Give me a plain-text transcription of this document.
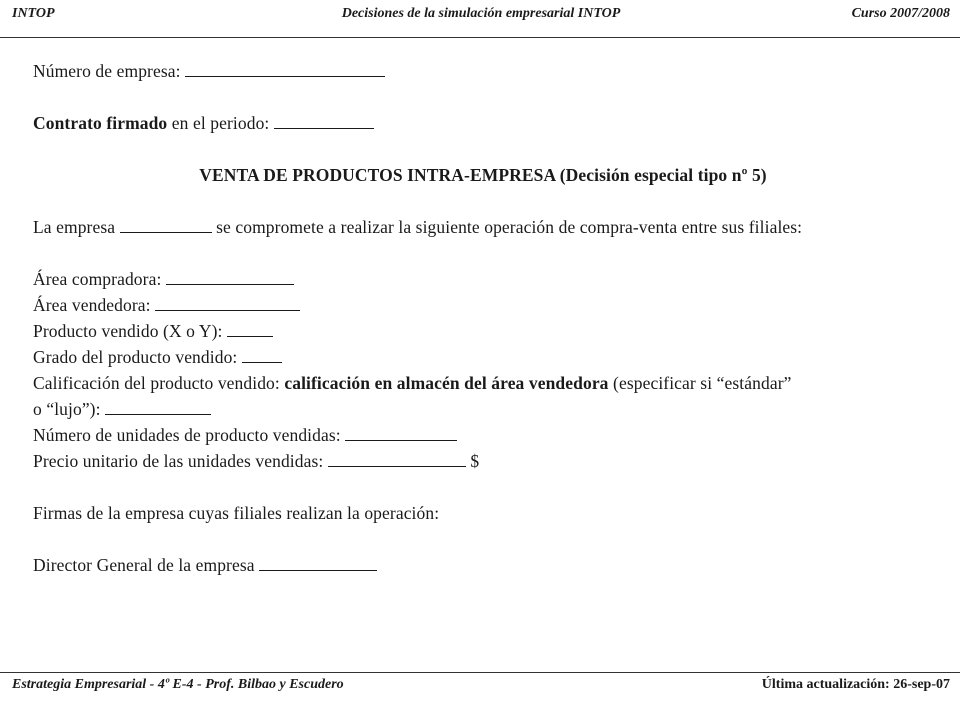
INTOP	Decisiones de la simulación empresarial INTOP	Curso 2007/2008

Número de empresa:

Contrato firmado en el periodo:

VENTA DE PRODUCTOS INTRA-EMPRESA (Decisión especial tipo nº 5)

La empresa	se compromete a realizar la siguiente operación de compra-venta entre sus filiales:

Área compradora:

Área vendedora:

Producto vendido (X o Y):

Grado del producto vendido:

Calificación del producto vendido: calificación en almacén del área vendedora (especificar si “estándar”

o “lujo”):

Número de unidades de producto vendidas:

Precio unitario de las unidades vendidas:	$

Firmas de la empresa cuyas filiales realizan la operación:

Director General de la empresa

Estrategia Empresarial - 4º E-4 - Prof. Bilbao y Escudero	Última actualización: 26-sep-07
